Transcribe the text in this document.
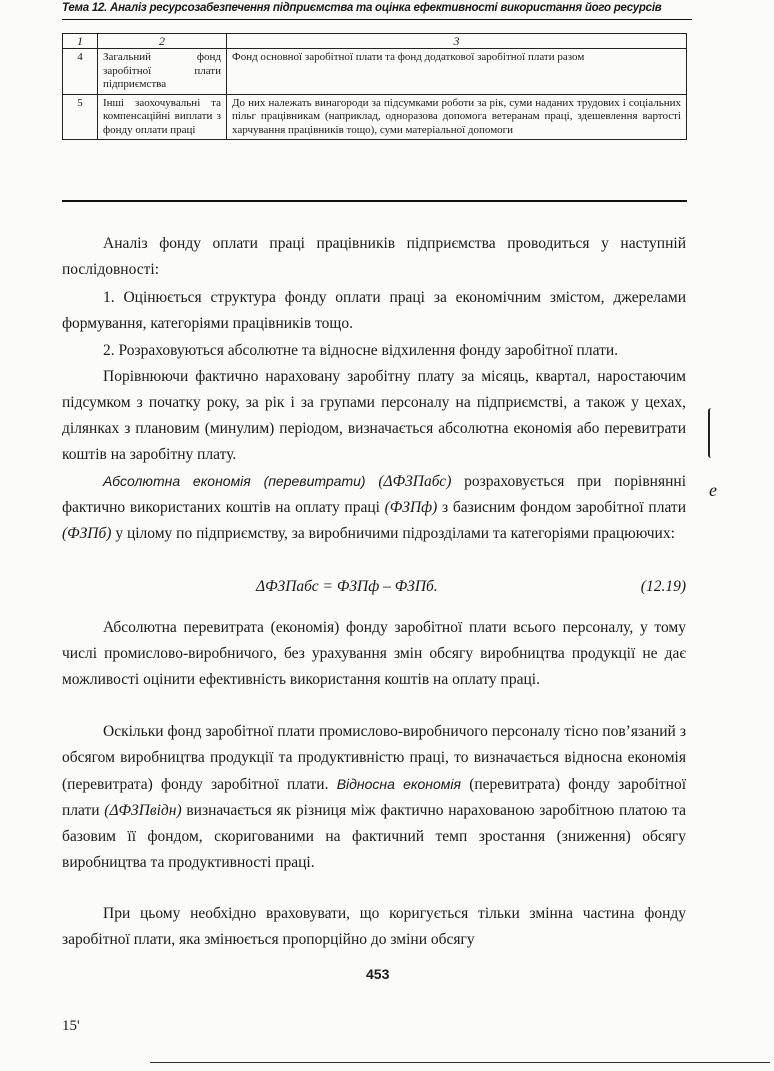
Тема 12. Аналіз ресурсозабезпечення підприємства та оцінка ефективності використання його ресурсів
1	2	3
4	Загальний фонд заробітної плати підприємства	Фонд основної заробітної плати та фонд додаткової заробітної плати разом
5	Інші заохочувальні та компенсаційні виплати з фонду оплати праці	До них належать винагороди за підсумками роботи за рік, суми наданих трудових і соціальних пільг працівникам (наприклад, одноразова допомога ветеранам праці, здешевлення вартості харчування працівників тощо), суми матеріальної допомоги

Аналіз фонду оплати праці працівників підприємства проводиться у наступній послідовності:

1. Оцінюється структура фонду оплати праці за економічним змістом, джерелами формування, категоріями працівників тощо.

2. Розраховуються абсолютне та відносне відхилення фонду заробітної плати.

Порівнюючи фактично нараховану заробітну плату за місяць, квартал, наростаючим підсумком з початку року, за рік і за групами персоналу на підприємстві, а також у цехах, ділянках з плановим (минулим) періодом, визначається абсолютна економія або перевитрати коштів на заробітну плату.

Абсолютна економія (перевитрати) (ΔФЗПабс) розраховується при порівнянні фактично використаних коштів на оплату праці (ФЗПф) з базисним фондом заробітної плати (ФЗПб) у цілому по підприємству, за виробничими підрозділами та категоріями працюючих:

ΔФЗПабс = ФЗПф – ФЗПб.	(12.19)

Абсолютна перевитрата (економія) фонду заробітної плати всього персоналу, у тому числі промислово-виробничого, без урахування змін обсягу виробництва продукції не дає можливості оцінити ефективність використання коштів на оплату праці.

Оскільки фонд заробітної плати промислово-виробничого персоналу тісно пов’язаний з обсягом виробництва продукції та продуктивністю праці, то визначається відносна економія (перевитрата) фонду заробітної плати. Відносна економія (перевитрата) фонду заробітної плати (ΔФЗПвідн) визначається як різниця між фактично нарахованою заробітною платою та базовим її фондом, скоригованими на фактичний темп зростання (зниження) обсягу виробництва та продуктивності праці.

При цьому необхідно враховувати, що коригується тільки змінна частина фонду заробітної плати, яка змінюється пропорційно до зміни обсягу

453
15'
e
